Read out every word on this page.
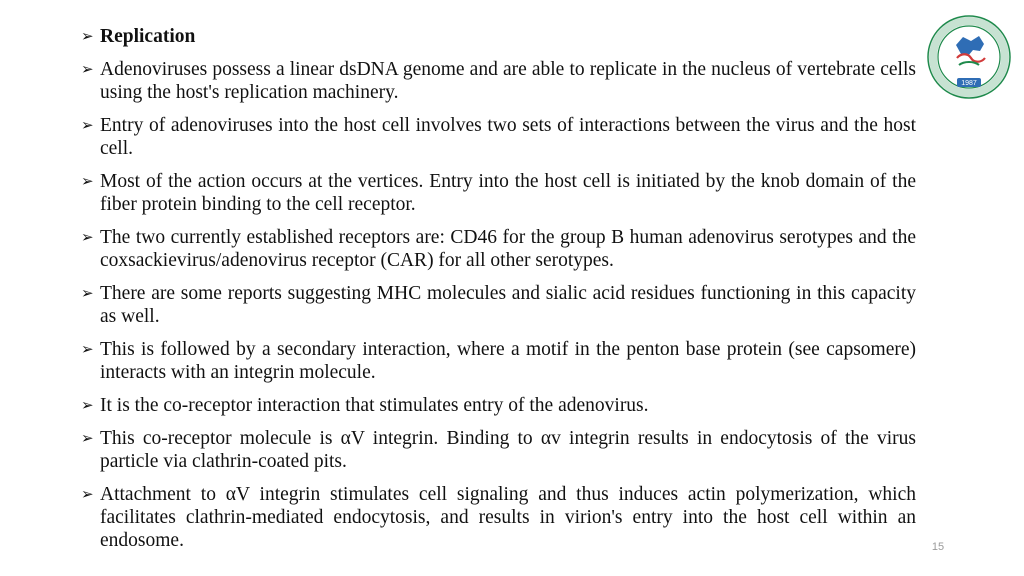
➢ Replication
➢ Adenoviruses possess a linear dsDNA genome and are able to replicate in the nucleus of vertebrate cells using the host's replication machinery.
➢ Entry of adenoviruses into the host cell involves two sets of interactions between the virus and the host cell.
➢ Most of the action occurs at the vertices. Entry into the host cell is initiated by the knob domain of the fiber protein binding to the cell receptor.
➢ The two currently established receptors are: CD46 for the group B human adenovirus serotypes and the coxsackievirus/adenovirus receptor (CAR) for all other serotypes.
➢ There are some reports suggesting MHC molecules and sialic acid residues functioning in this capacity as well.
➢ This is followed by a secondary interaction, where a motif in the penton base protein (see capsomere) interacts with an integrin molecule.
➢ It is the co-receptor interaction that stimulates entry of the adenovirus.
➢ This co-receptor molecule is αV integrin. Binding to αv integrin results in endocytosis of the virus particle via clathrin-coated pits.
➢ Attachment to αV integrin stimulates cell signaling and thus induces actin polymerization, which facilitates clathrin-mediated endocytosis, and results in virion's entry into the host cell within an endosome.
1987
15
